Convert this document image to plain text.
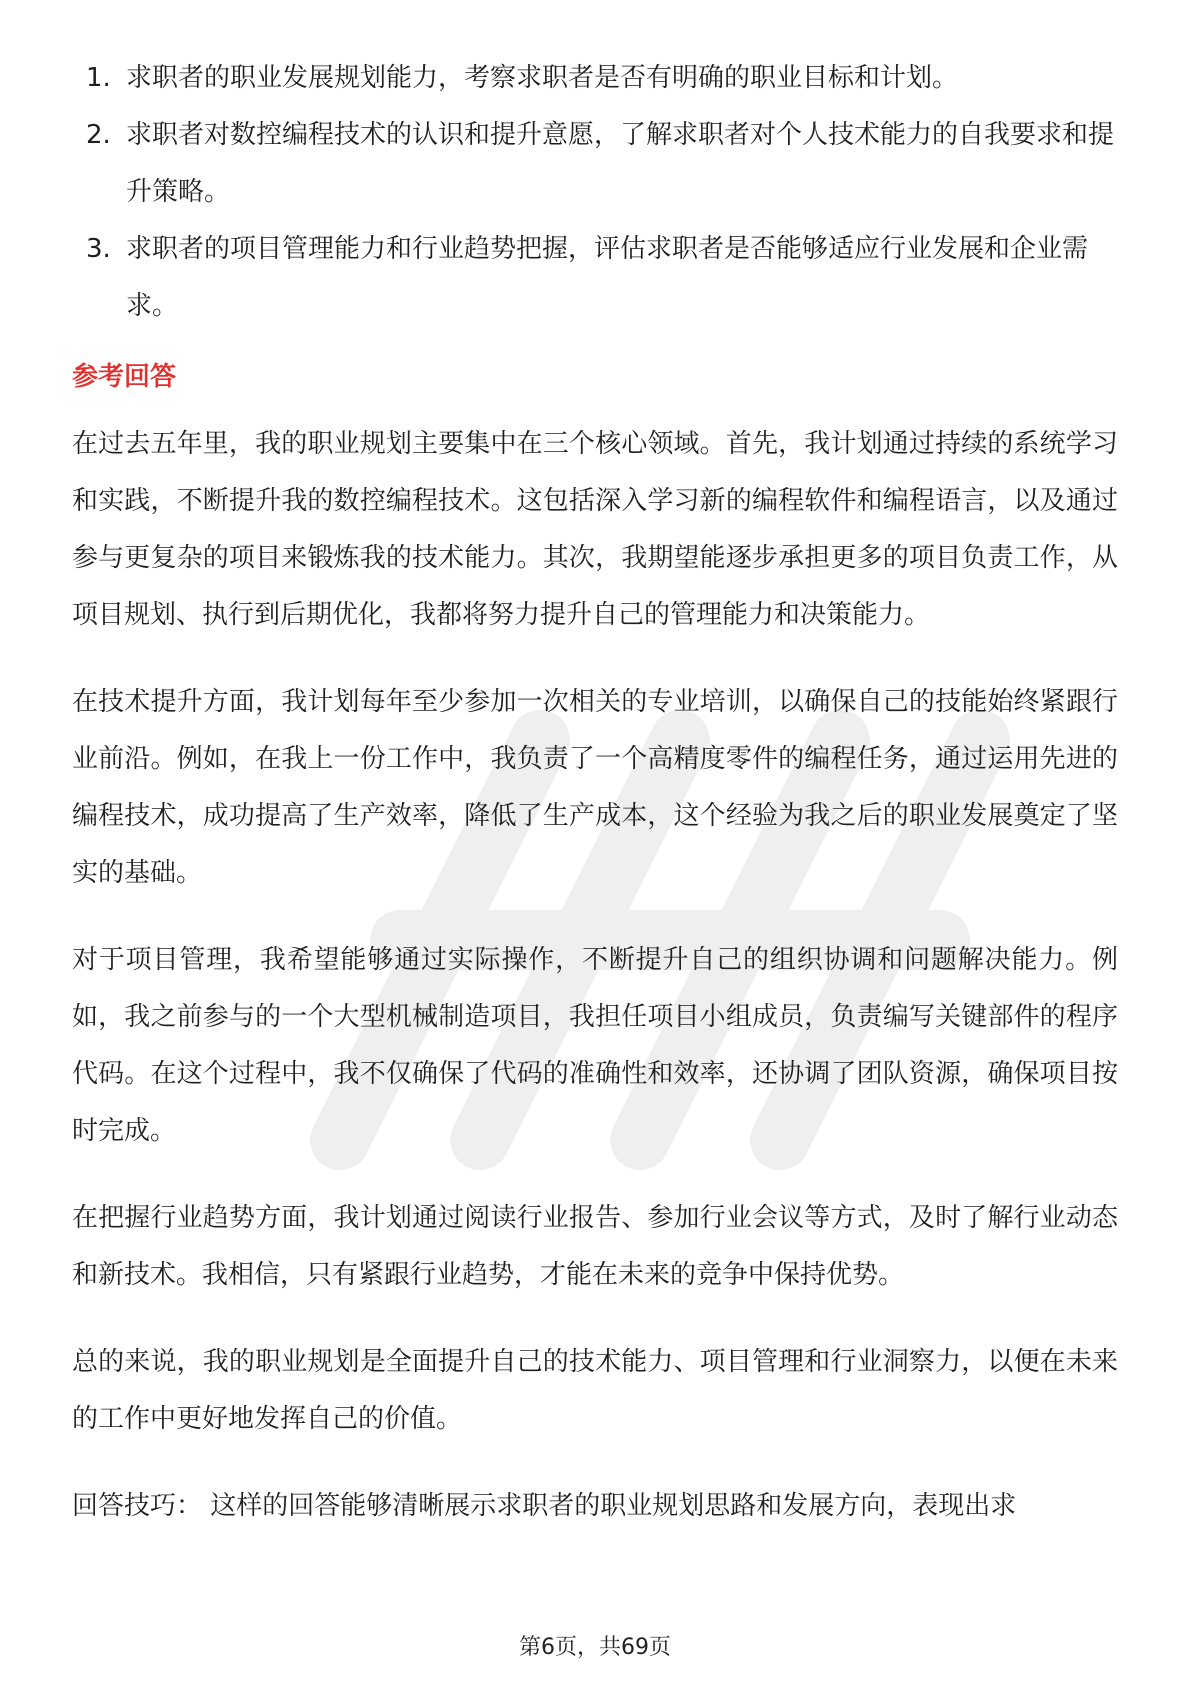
1. 求职者的职业发展规划能力，考察求职者是否有明确的职业目标和计划。
2. 求职者对数控编程技术的认识和提升意愿，了解求职者对个人技术能力的自我要求和提升策略。
3. 求职者的项目管理能力和行业趋势把握，评估求职者是否能够适应行业发展和企业需求。
参考回答

在过去五年里，我的职业规划主要集中在三个核心领域。首先，我计划通过持续的系统学习和实践，不断提升我的数控编程技术。这包括深入学习新的编程软件和编程语言，以及通过参与更复杂的项目来锻炼我的技术能力。其次，我期望能逐步承担更多的项目负责工作，从项目规划、执行到后期优化，我都将努力提升自己的管理能力和决策能力。

在技术提升方面，我计划每年至少参加一次相关的专业培训，以确保自己的技能始终紧跟行业前沿。例如，在我上一份工作中，我负责了一个高精度零件的编程任务，通过运用先进的编程技术，成功提高了生产效率，降低了生产成本，这个经验为我之后的职业发展奠定了坚实的基础。

对于项目管理，我希望能够通过实际操作，不断提升自己的组织协调和问题解决能力。例如，我之前参与的一个大型机械制造项目，我担任项目小组成员，负责编写关键部件的程序代码。在这个过程中，我不仅确保了代码的准确性和效率，还协调了团队资源，确保项目按时完成。

在把握行业趋势方面，我计划通过阅读行业报告、参加行业会议等方式，及时了解行业动态和新技术。我相信，只有紧跟行业趋势，才能在未来的竞争中保持优势。

总的来说，我的职业规划是全面提升自己的技术能力、项目管理和行业洞察力，以便在未来的工作中更好地发挥自己的价值。

回答技巧： 这样的回答能够清晰展示求职者的职业规划思路和发展方向，表现出求
第6页，共69页
